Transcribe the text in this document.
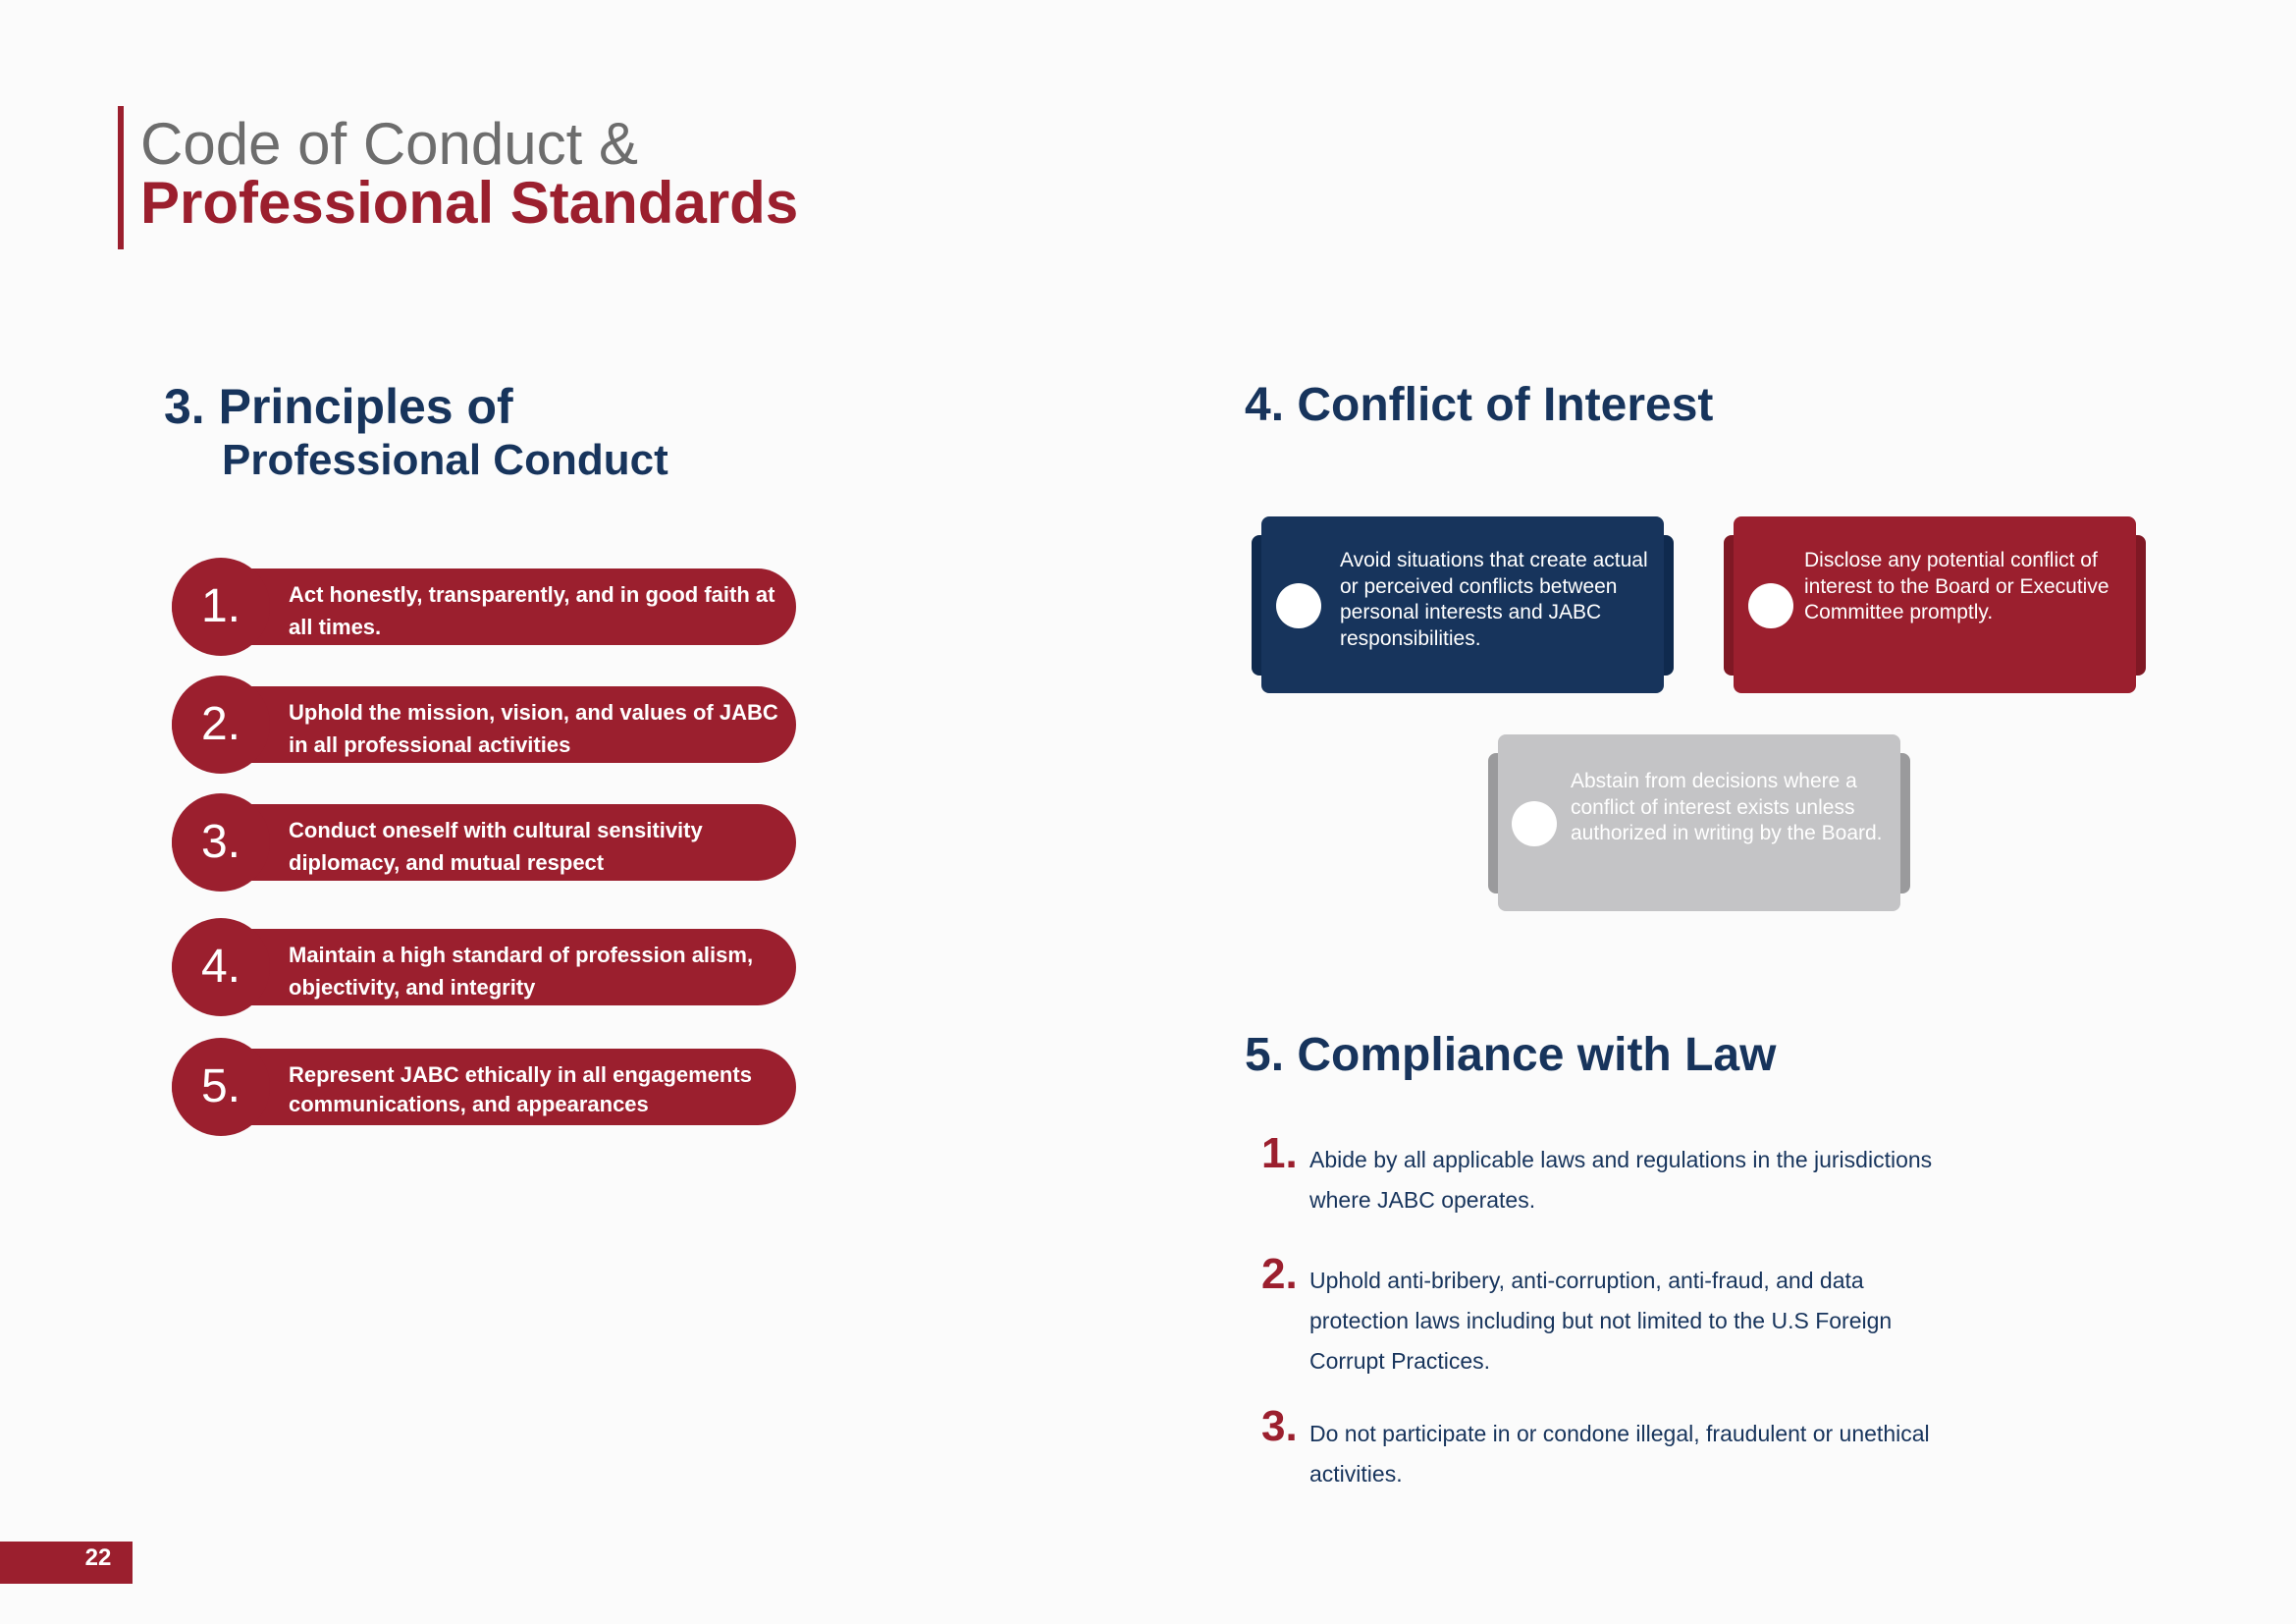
Code of Conduct &
Professional Standards
3. Principles of
Professional Conduct
1.	Act honestly, transparently, and in good faith at all times.
2.	Uphold the mission, vision, and values of JABC in all professional activities
3.	Conduct oneself with cultural sensitivity diplomacy, and mutual respect
4.	Maintain a high standard of profession alism, objectivity, and integrity
5.	Represent JABC ethically in all engagements communications, and appearances
4. Conflict of Interest
Avoid situations that create actual or perceived conflicts between personal interests and JABC responsibilities.
Disclose any potential conflict of interest to the Board or Executive Committee promptly.
Abstain from decisions where a conflict of interest exists unless authorized in writing by the Board.
5. Compliance with Law
1. Abide by all applicable laws and regulations in the jurisdictions where JABC operates.
2. Uphold anti-bribery, anti-corruption, anti-fraud, and data protection laws including but not limited to the U.S Foreign Corrupt Practices.
3. Do not participate in or condone illegal, fraudulent or unethical activities.
22
